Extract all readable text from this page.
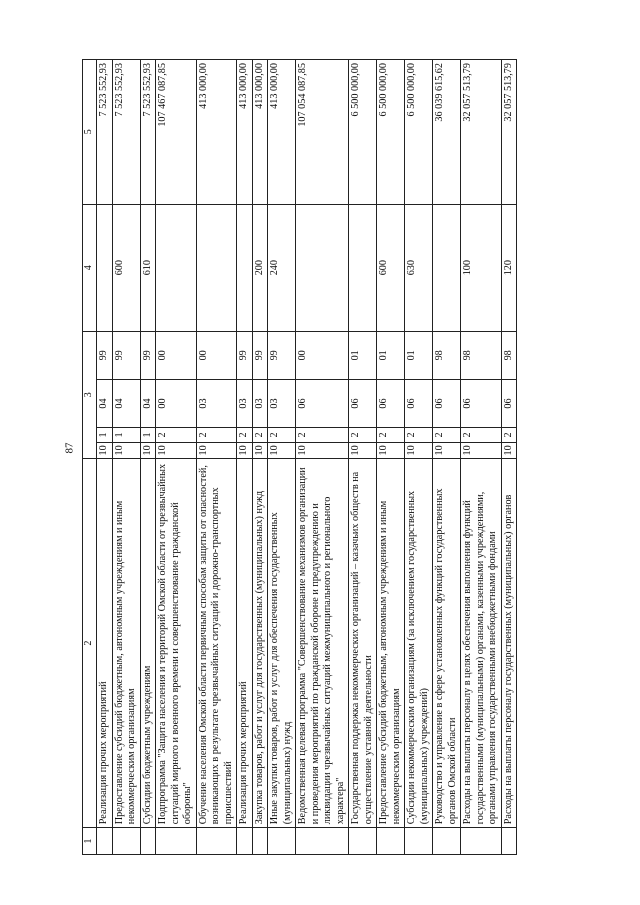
87
1	2	3				4	5
	Реализация прочих мероприятий	10	1	04	99		7 523 552,93
	Предоставление субсидий бюджетным, автономным учреждениям и иным некоммерческим организациям	10	1	04	99	600	7 523 552,93
	Субсидии бюджетным учреждениям	10	1	04	99	610	7 523 552,93
	Подпрограмма "Защита населения и территорий Омской области от чрезвычайных ситуаций мирного и военного времени и совершенствование гражданской обороны"	10	2	00	00		107 467 087,85
	Обучение населения Омской области первичным способам защиты от опасностей, возникающих в результате чрезвычайных ситуаций и дорожно-транспортных происшествий	10	2	03	00		413 000,00
	Реализация прочих мероприятий	10	2	03	99		413 000,00
	Закупка товаров, работ и услуг для государственных (муниципальных) нужд	10	2	03	99	200	413 000,00
	Иные закупки товаров, работ и услуг для обеспечения государственных (муниципальных) нужд	10	2	03	99	240	413 000,00
	Ведомственная целевая программа "Совершенствование механизмов организации и проведения мероприятий по гражданской обороне и предупреждению и ликвидации чрезвычайных ситуаций межмуниципального и регионального характера"	10	2	06	00		107 054 087,85
	Государственная поддержка некоммерческих организаций – казачьих обществ на осуществление уставной деятельности	10	2	06	01		6 500 000,00
	Предоставление субсидий бюджетным, автономным учреждениям и иным некоммерческим организациям	10	2	06	01	600	6 500 000,00
	Субсидии некоммерческим организациям (за исключением государственных (муниципальных) учреждений)	10	2	06	01	630	6 500 000,00
	Руководство и управление в сфере установленных функций государственных органов Омской области	10	2	06	98		36 039 615,62
	Расходы на выплаты персоналу в целях обеспечения выполнения функций государственными (муниципальными) органами, казенными учреждениями, органами управления государственными внебюджетными фондами	10	2	06	98	100	32 057 513,79
	Расходы на выплаты персоналу государственных (муниципальных) органов	10	2	06	98	120	32 057 513,79
